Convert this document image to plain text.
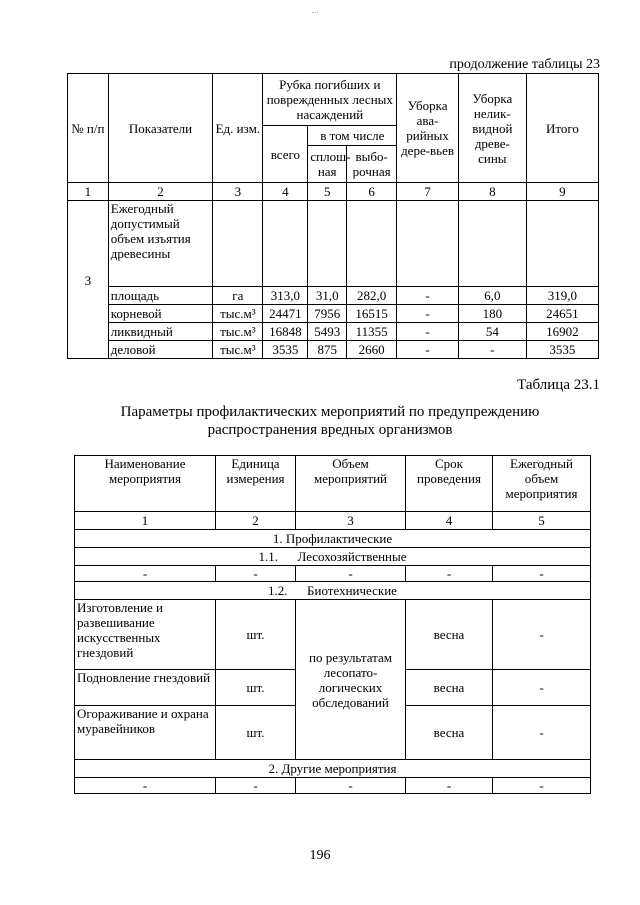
продолжение таблицы 23
№ п/п	Показатели	Ед. изм.	Рубка погибших и поврежденных лесных насаждений			Уборка ава-рийных дере-вьев	Уборка нелик-видной древе-сины	Итого
			всего	в том числе				
				сплош-ная	выбо-рочная			
1	2	3	4	5	6	7	8	9
3	Ежегодный допустимый объем изъятия древесины							
	площадь	га	313,0	31,0	282,0	-	6,0	319,0
	корневой	тыс.м³	24471	7956	16515	-	180	24651
	ликвидный	тыс.м³	16848	5493	11355	-	54	16902
	деловой	тыс.м³	3535	875	2660	-	-	3535
Таблица 23.1
Параметры профилактических мероприятий по предупреждению
распространения вредных организмов
Наименование мероприятия	Единица измерения	Объем мероприятий	Срок проведения	Ежегодный объем мероприятия
1	2	3	4	5
1. Профилактические				
1.1.      Лесохозяйственные				
-	-	-	-	-
1.2.      Биотехнические				
Изготовление и развешивание искусственных гнездовий	шт.	по результатам лесопато-логических обследований	весна	-
Подновление гнездовий	шт.		весна	-
Огораживание и охрана муравейников	шт.		весна	-
2. Другие мероприятия				
-	-	-	-	-
196
